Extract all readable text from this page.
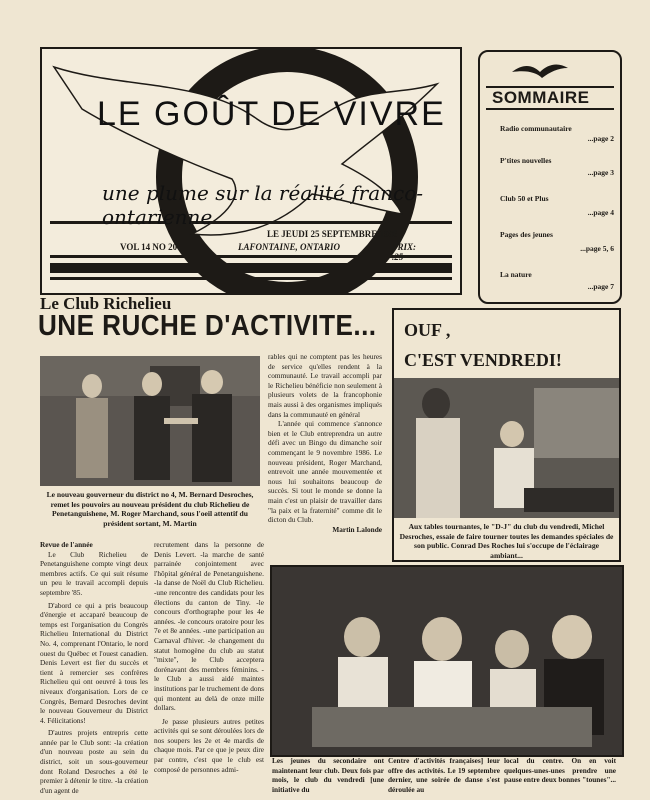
LE GOÛT DE VIVRE
une plume sur la réalité franco-ontarienne
LE JEUDI 25 SEPTEMBRE 1986
VOL 14 NO 20	LAFONTAINE, ONTARIO	PRIX: .25
SOMMAIRE
Radio communautaire
...page 2
P'tites nouvelles
...page 3
Club 50 et Plus
...page 4
Pages des jeunes
...page 5, 6
La nature
...page 7
Le Club Richelieu
UNE RUCHE D'ACTIVITE...
Le nouveau gouverneur du district no 4, M. Bernard Desroches, remet les pouvoirs au nouveau président du club Richelieu de Penetanguishene, M. Roger Marchand, sous l'oeil attentif du président sortant, M. Martin

rables qui ne comptent pas les heures de service qu'elles rendent à la communauté. Le travail accompli par le Richelieu bénéficie non seulement à plusieurs volets de la francophonie mais aussi à des organismes impliqués dans la communauté en général

L'année qui commence s'annonce bien et le Club entreprendra un autre défi avec un Bingo du dimanche soir commençant le 9 novembre 1986. Le nouveau président, Roger Marchand, entrevoit une année mouvementée et nous lui souhaitons beaucoup de succès. Si tout le monde se donne la main c'est un plaisir de travailler dans "la paix et la fraternité" comme dit le dicton du Club.

Martin Lalonde

Revue de l'année

Le Club Richelieu de Penetanguishene compte vingt deux membres actifs. Ce qui suit résume un peu le travail accompli depuis septembre '85.

D'abord ce qui a pris beaucoup d'énergie et accaparé beaucoup de temps est l'organisation du Congrès Richelieu International du District No. 4, comprenant l'Ontario, le nord ouest du Québec et l'ouest canadien. Denis Levert est fier du succès et tient à remercier ses confrères Richelieu qui ont oeuvré à tous les niveaux d'organisation. Lors de ce Congrès, Bernard Desroches devint le nouveau Gouverneur du District 4. Félicitations!

D'autres projets entrepris cette année par le Club sont: -la création d'un nouveau poste au sein du district, soit un sous-gouverneur dont Roland Desroches a été le premier à détenir le titre. -la création d'un agent de

recrutement dans la personne de Denis Levert. -la marche de santé parrainée conjointement avec l'hôpital général de Penetanguishene. -la danse de Noël du Club Richelieu. -une rencontre des candidats pour les élections du canton de Tiny. -le concours d'orthographe pour les 4e années. -le concours oratoire pour les 7e et 8e années. -une participation au Carnaval d'hiver. -le changement du statut homogène du club au statut "mixte", le Club acceptera dorénavant des membres féminins. -le Club a aussi aidé maintes institutions par le truchement de dons qui montent au delà de onze mille dollars.

Je passe plusieurs autres petites activités qui se sont déroulées lors de nos soupers les 2e et 4e mardis de chaque mois. Par ce que je peux dire par contre, c'est que le club est composé de personnes admi-

OUF ,
C'EST VENDREDI!
Aux tables tournantes, le "D-J" du club du vendredi, Michel Desroches, essaie de faire tourner toutes les demandes spéciales de son public. Conrad Des Roches lui s'occupe de l'éclairage ambiant...
Les jeunes du secondaire ont maintenant leur club. Deux fois par mois, le club du vendredi [une initiative du
Centre d'activités françaises] leur offre des activités. Le 19 septembre dernier, une soirée de danse s'est déroulée au
local du centre. On en voit quelques-unes-unes prendre une pause entre deux bonnes "tounes"...
